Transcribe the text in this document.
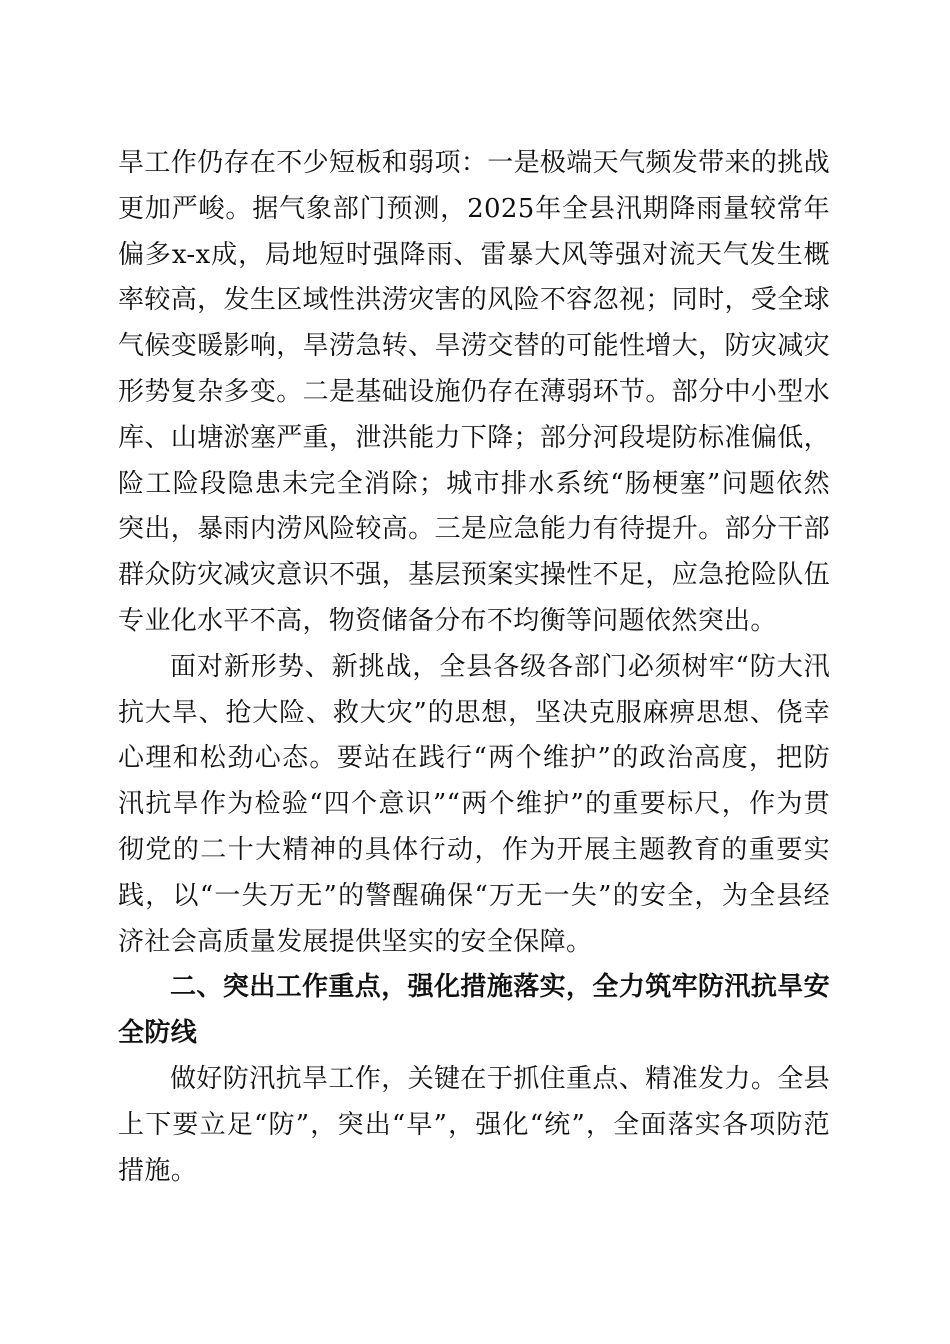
旱工作仍存在不少短板和弱项：一是极端天气频发带来的挑战更加严峻。据气象部门预测，2025年全县汛期降雨量较常年偏多x-x成，局地短时强降雨、雷暴大风等强对流天气发生概率较高，发生区域性洪涝灾害的风险不容忽视；同时，受全球气候变暖影响，旱涝急转、旱涝交替的可能性增大，防灾减灾形势复杂多变。二是基础设施仍存在薄弱环节。部分中小型水库、山塘淤塞严重，泄洪能力下降；部分河段堤防标准偏低，险工险段隐患未完全消除；城市排水系统“肠梗塞”问题依然突出，暴雨内涝风险较高。三是应急能力有待提升。部分干部群众防灾减灾意识不强，基层预案实操性不足，应急抢险队伍专业化水平不高，物资储备分布不均衡等问题依然突出。

面对新形势、新挑战，全县各级各部门必须树牢“防大汛抗大旱、抢大险、救大灾”的思想，坚决克服麻痹思想、侥幸心理和松劲心态。要站在践行“两个维护”的政治高度，把防汛抗旱作为检验“四个意识”“两个维护”的重要标尺，作为贯彻党的二十大精神的具体行动，作为开展主题教育的重要实践，以“一失万无”的警醒确保“万无一失”的安全，为全县经济社会高质量发展提供坚实的安全保障。

二、突出工作重点，强化措施落实，全力筑牢防汛抗旱安全防线

做好防汛抗旱工作，关键在于抓住重点、精准发力。全县上下要立足“防”，突出“早”，强化“统”，全面落实各项防范措施。
